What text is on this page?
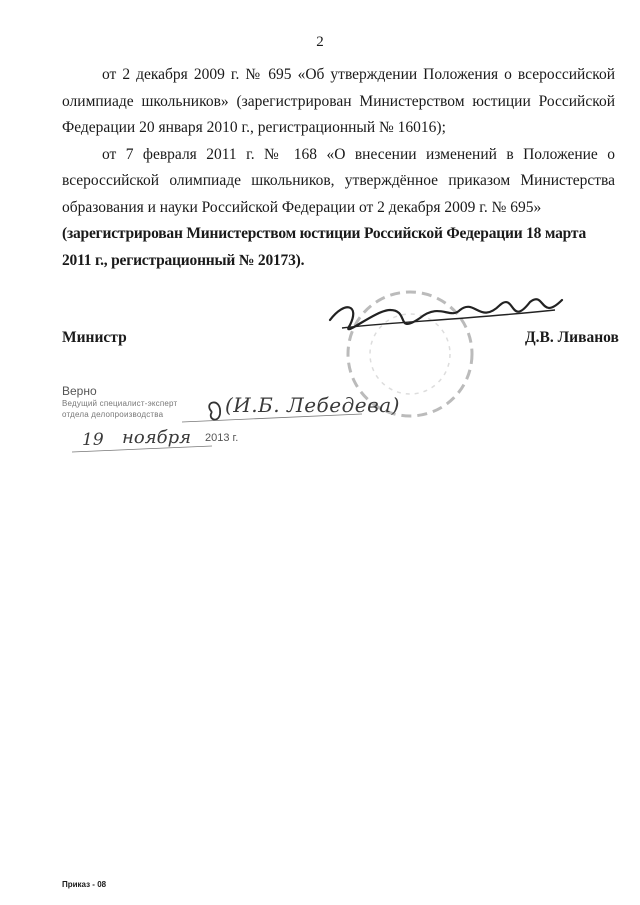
2

от 2 декабря 2009 г. № 695 «Об утверждении Положения о всероссийской олимпиаде школьников» (зарегистрирован Министерством юстиции Российской Федерации 20 января 2010 г., регистрационный № 16016);

от 7 февраля 2011 г. № 168 «О внесении изменений в Положение о всероссийской олимпиаде школьников, утверждённое приказом Министерства образования и науки Российской Федерации от 2 декабря 2009 г. № 695»

(зарегистрирован Министерством юстиции Российской Федерации 18 марта 2011 г., регистрационный № 20173).

Министр	Д.В. Ливанов
Верно
Ведущий специалист-эксперт
отдела делопроизводства	(И.Б. Лебедева)
19 ноября 2013 г.
Приказ - 08
